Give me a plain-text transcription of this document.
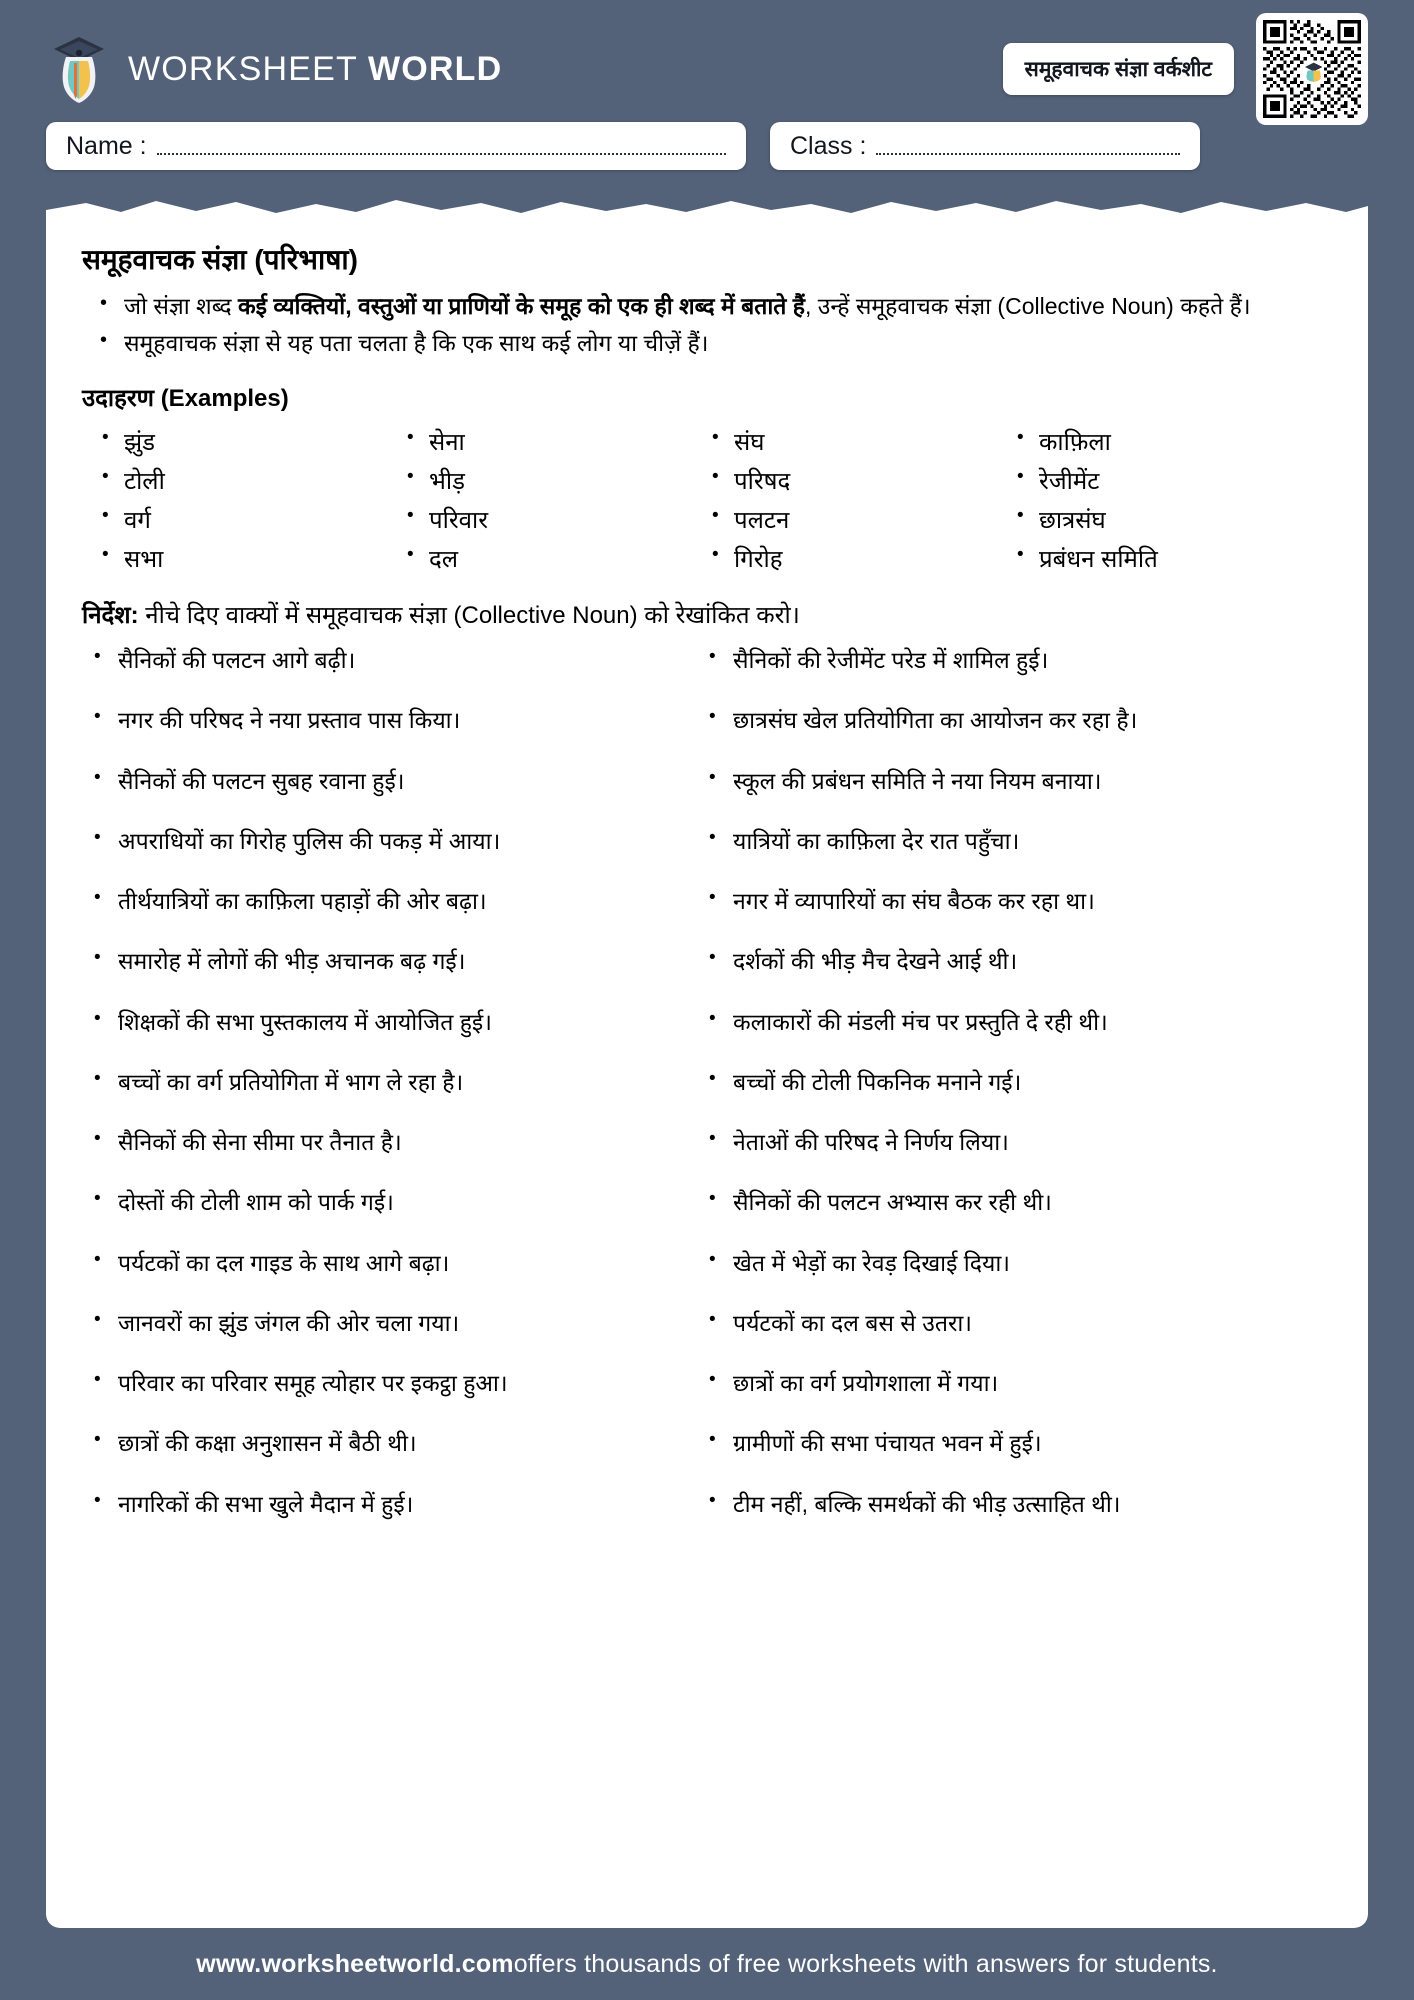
WORKSHEET WORLD	समूहवाचक संज्ञा वर्कशीट
Name :	Class :
समूहवाचक संज्ञा (परिभाषा)
• जो संज्ञा शब्द कई व्यक्तियों, वस्तुओं या प्राणियों के समूह को एक ही शब्द में बताते हैं, उन्हें समूहवाचक संज्ञा (Collective Noun) कहते हैं।
• समूहवाचक संज्ञा से यह पता चलता है कि एक साथ कई लोग या चीज़ें हैं।
उदाहरण (Examples)
• झुंड
• टोली
• वर्ग
• सभा
• सेना
• भीड़
• परिवार
• दल
• संघ
• परिषद
• पलटन
• गिरोह
• काफ़िला
• रेजीमेंट
• छात्रसंघ
• प्रबंधन समिति
निर्देश: नीचे दिए वाक्यों में समूहवाचक संज्ञा (Collective Noun) को रेखांकित करो।
• सैनिकों की पलटन आगे बढ़ी।
• नगर की परिषद ने नया प्रस्ताव पास किया।
• सैनिकों की पलटन सुबह रवाना हुई।
• अपराधियों का गिरोह पुलिस की पकड़ में आया।
• तीर्थयात्रियों का काफ़िला पहाड़ों की ओर बढ़ा।
• समारोह में लोगों की भीड़ अचानक बढ़ गई।
• शिक्षकों की सभा पुस्तकालय में आयोजित हुई।
• बच्चों का वर्ग प्रतियोगिता में भाग ले रहा है।
• सैनिकों की सेना सीमा पर तैनात है।
• दोस्तों की टोली शाम को पार्क गई।
• पर्यटकों का दल गाइड के साथ आगे बढ़ा।
• जानवरों का झुंड जंगल की ओर चला गया।
• परिवार का परिवार समूह त्योहार पर इकट्ठा हुआ।
• छात्रों की कक्षा अनुशासन में बैठी थी।
• नागरिकों की सभा खुले मैदान में हुई।
• सैनिकों की रेजीमेंट परेड में शामिल हुई।
• छात्रसंघ खेल प्रतियोगिता का आयोजन कर रहा है।
• स्कूल की प्रबंधन समिति ने नया नियम बनाया।
• यात्रियों का काफ़िला देर रात पहुँचा।
• नगर में व्यापारियों का संघ बैठक कर रहा था।
• दर्शकों की भीड़ मैच देखने आई थी।
• कलाकारों की मंडली मंच पर प्रस्तुति दे रही थी।
• बच्चों की टोली पिकनिक मनाने गई।
• नेताओं की परिषद ने निर्णय लिया।
• सैनिकों की पलटन अभ्यास कर रही थी।
• खेत में भेड़ों का रेवड़ दिखाई दिया।
• पर्यटकों का दल बस से उतरा।
• छात्रों का वर्ग प्रयोगशाला में गया।
• ग्रामीणों की सभा पंचायत भवन में हुई।
• टीम नहीं, बल्कि समर्थकों की भीड़ उत्साहित थी।
www.worksheetworld.com offers thousands of free worksheets with answers for students.
